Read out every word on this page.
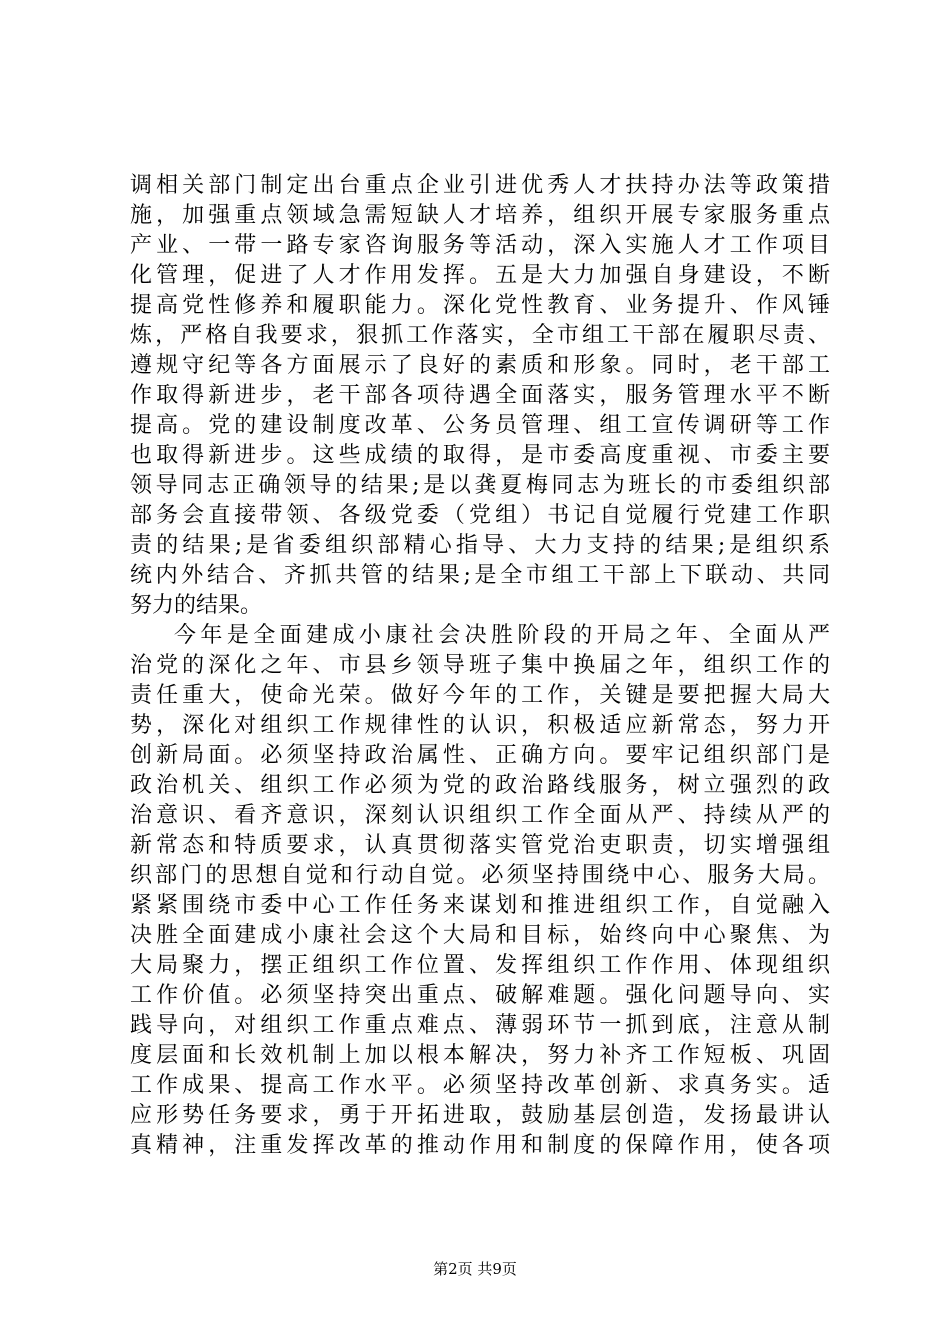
调相关部门制定出台重点企业引进优秀人才扶持办法等政策措
施，加强重点领域急需短缺人才培养，组织开展专家服务重点
产业、一带一路专家咨询服务等活动，深入实施人才工作项目
化管理，促进了人才作用发挥。五是大力加强自身建设，不断
提高党性修养和履职能力。深化党性教育、业务提升、作风锤
炼，严格自我要求，狠抓工作落实，全市组工干部在履职尽责、
遵规守纪等各方面展示了良好的素质和形象。同时，老干部工
作取得新进步，老干部各项待遇全面落实，服务管理水平不断
提高。党的建设制度改革、公务员管理、组工宣传调研等工作
也取得新进步。这些成绩的取得，是市委高度重视、市委主要
领导同志正确领导的结果;是以龚夏梅同志为班长的市委组织部
部务会直接带领、各级党委（党组）书记自觉履行党建工作职
责的结果;是省委组织部精心指导、大力支持的结果;是组织系
统内外结合、齐抓共管的结果;是全市组工干部上下联动、共同
努力的结果。
今年是全面建成小康社会决胜阶段的开局之年、全面从严
治党的深化之年、市县乡领导班子集中换届之年，组织工作的
责任重大，使命光荣。做好今年的工作，关键是要把握大局大
势，深化对组织工作规律性的认识，积极适应新常态，努力开
创新局面。必须坚持政治属性、正确方向。要牢记组织部门是
政治机关、组织工作必须为党的政治路线服务，树立强烈的政
治意识、看齐意识，深刻认识组织工作全面从严、持续从严的
新常态和特质要求，认真贯彻落实管党治吏职责，切实增强组
织部门的思想自觉和行动自觉。必须坚持围绕中心、服务大局。
紧紧围绕市委中心工作任务来谋划和推进组织工作，自觉融入
决胜全面建成小康社会这个大局和目标，始终向中心聚焦、为
大局聚力，摆正组织工作位置、发挥组织工作作用、体现组织
工作价值。必须坚持突出重点、破解难题。强化问题导向、实
践导向，对组织工作重点难点、薄弱环节一抓到底，注意从制
度层面和长效机制上加以根本解决，努力补齐工作短板、巩固
工作成果、提高工作水平。必须坚持改革创新、求真务实。适
应形势任务要求，勇于开拓进取，鼓励基层创造，发扬最讲认
真精神，注重发挥改革的推动作用和制度的保障作用，使各项
第2页 共9页
